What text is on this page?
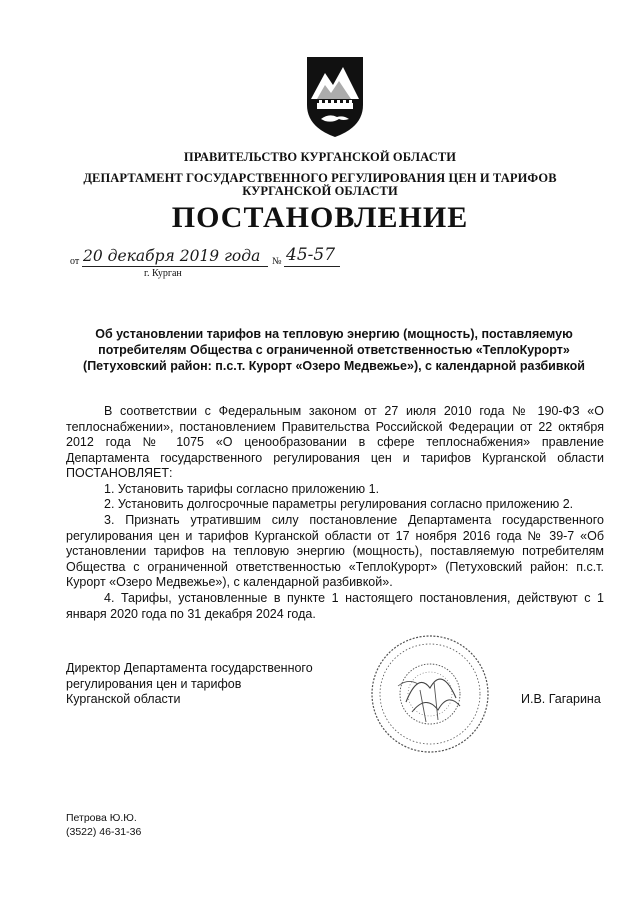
ПРАВИТЕЛЬСТВО КУРГАНСКОЙ ОБЛАСТИ
ДЕПАРТАМЕНТ ГОСУДАРСТВЕННОГО РЕГУЛИРОВАНИЯ ЦЕН И ТАРИФОВ
КУРГАНСКОЙ ОБЛАСТИ
ПОСТАНОВЛЕНИЕ
от 20 декабря 2019 года № 45-57
г. Курган
Об установлении тарифов на тепловую энергию (мощность), поставляемую
потребителям Общества с ограниченной ответственностью «ТеплоКурорт»
(Петуховский район: п.с.т. Курорт «Озеро Медвежье»), с календарной разбивкой
В соответствии с Федеральным законом от 27 июля 2010 года № 190-ФЗ «О теплоснабжении», постановлением Правительства Российской Федерации от 22 октября 2012 года № 1075 «О ценообразовании в сфере теплоснабжения» правление Департамента государственного регулирования цен и тарифов Курганской области ПОСТАНОВЛЯЕТ:
1. Установить тарифы согласно приложению 1.
2. Установить долгосрочные параметры регулирования согласно приложению 2.
3. Признать утратившим силу постановление Департамента государственного регулирования цен и тарифов Курганской области от 17 ноября 2016 года № 39-7 «Об установлении тарифов на тепловую энергию (мощность), поставляемую потребителям Общества с ограниченной ответственностью «ТеплоКурорт» (Петуховский район: п.с.т. Курорт «Озеро Медвежье»), с календарной разбивкой».
4. Тарифы, установленные в пункте 1 настоящего постановления, действуют с 1 января 2020 года по 31 декабря 2024 года.
Директор Департамента государственного
регулирования цен и тарифов
Курганской области	И.В. Гагарина
Петрова Ю.Ю.
(3522) 46-31-36
